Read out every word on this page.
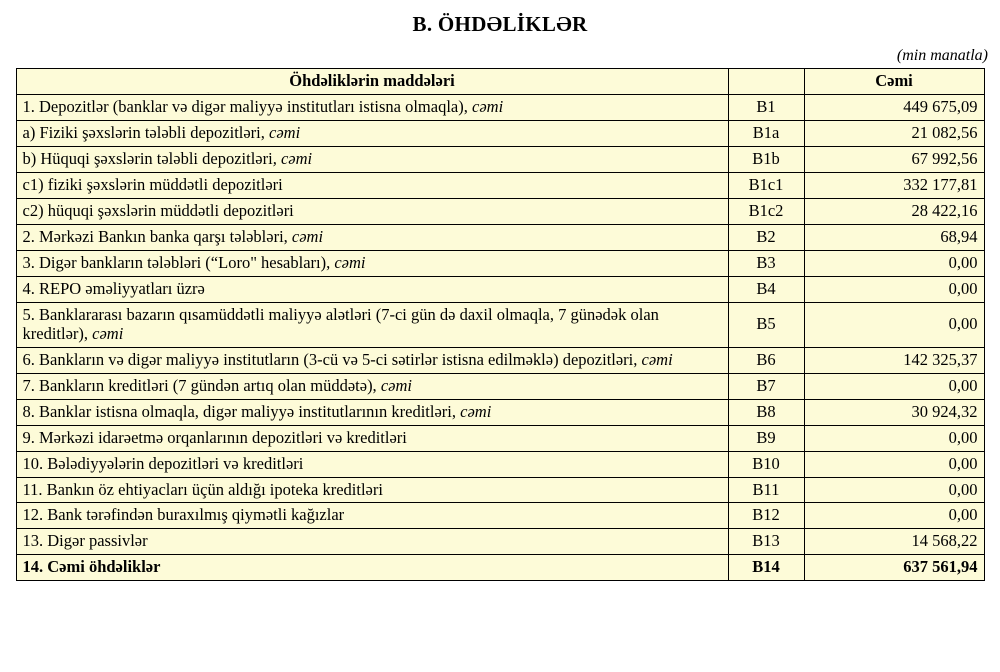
B. ÖHDƏLİKLƏR
(min manatla)
Öhdəliklərin maddələri		Cəmi
1. Depozitlər (banklar və digər maliyyə institutları istisna olmaqla), cəmi	B1	449 675,09
a) Fiziki şəxslərin tələbli depozitləri, cəmi	B1a	21 082,56
b) Hüquqi şəxslərin tələbli depozitləri, cəmi	B1b	67 992,56
c1) fiziki şəxslərin müddətli depozitləri	B1c1	332 177,81
c2) hüquqi şəxslərin müddətli depozitləri	B1c2	28 422,16
2. Mərkəzi Bankın banka qarşı tələbləri, cəmi	B2	68,94
3. Digər bankların tələbləri (“Loro" hesabları), cəmi	B3	0,00
4. REPO əməliyyatları üzrə	B4	0,00
5. Banklararası bazarın qısamüddətli maliyyə alətləri (7-ci gün də daxil olmaqla, 7 günədək olan kreditlər), cəmi	B5	0,00
6. Bankların və digər maliyyə institutların (3-cü və 5-ci sətirlər istisna edilməklə) depozitləri, cəmi	B6	142 325,37
7. Bankların kreditləri (7 gündən artıq olan müddətə), cəmi	B7	0,00
8. Banklar istisna olmaqla, digər maliyyə institutlarının kreditləri, cəmi	B8	30 924,32
9. Mərkəzi idarəetmə orqanlarının depozitləri və kreditləri	B9	0,00
10. Bələdiyyələrin depozitləri və kreditləri	B10	0,00
11. Bankın öz ehtiyacları üçün aldığı ipoteka kreditləri	B11	0,00
12. Bank tərəfindən buraxılmış qiymətli kağızlar	B12	0,00
13. Digər passivlər	B13	14 568,22
14. Cəmi öhdəliklər	B14	637 561,94
